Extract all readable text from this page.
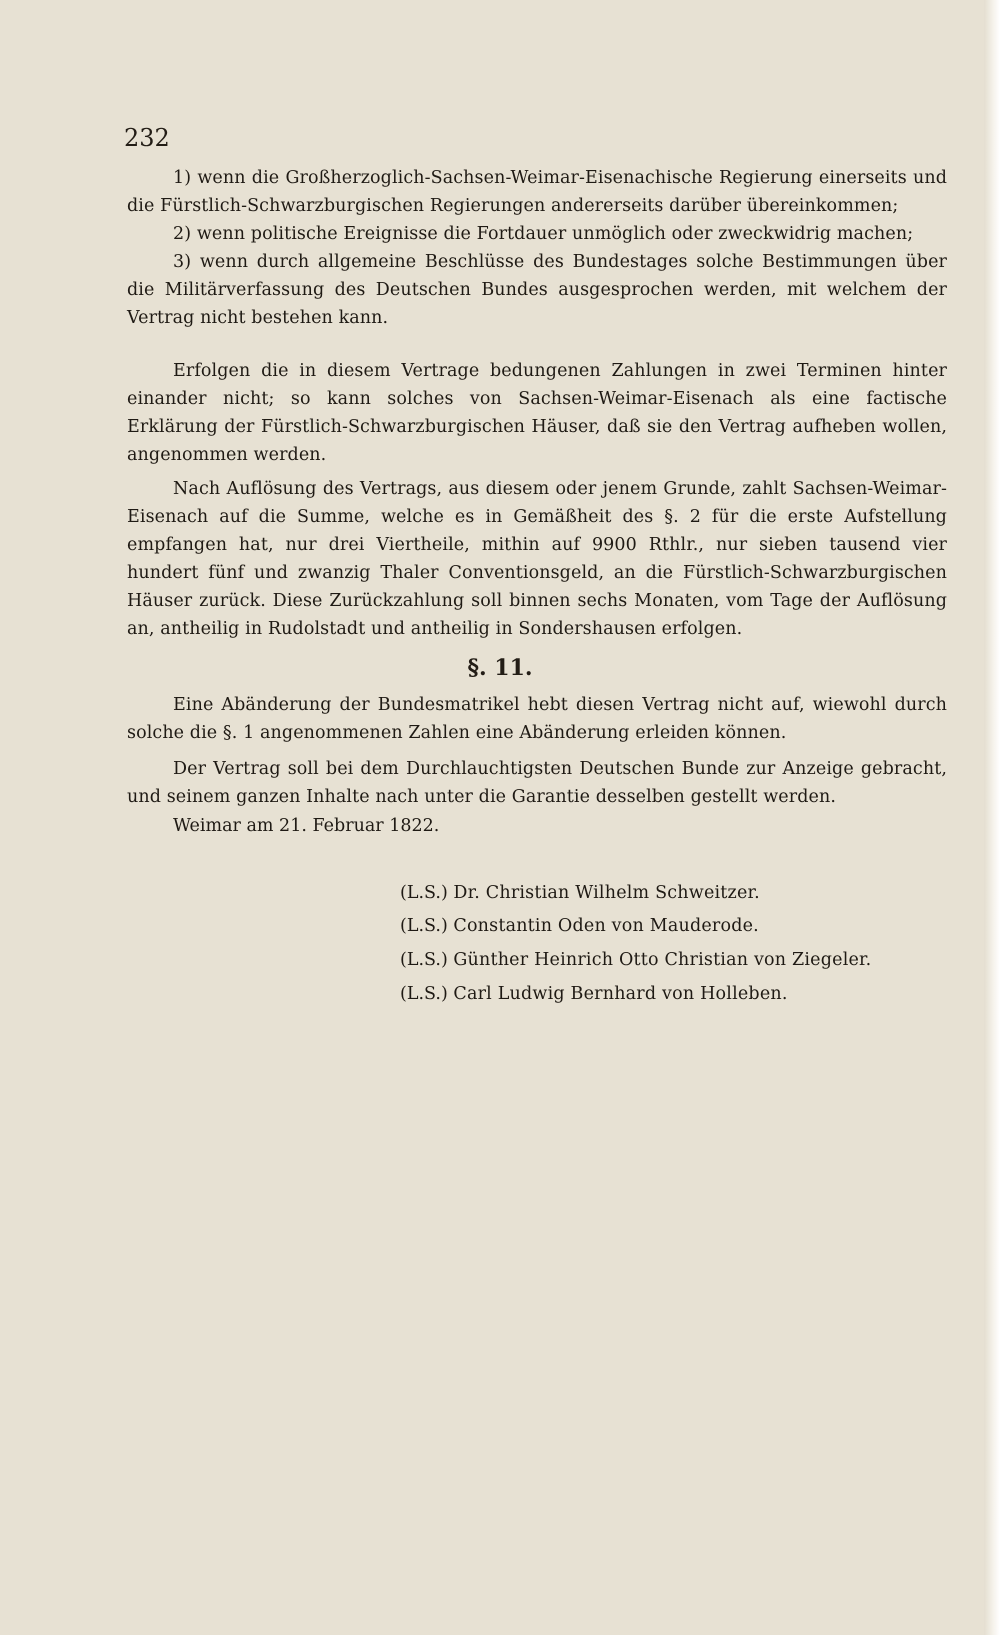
232

1) wenn die Großherzoglich-Sachsen-Weimar-Eisenachische Regierung einerseits und die Fürstlich-Schwarzburgischen Regierungen andererseits darüber übereinkommen;

2) wenn politische Ereignisse die Fortdauer unmöglich oder zweckwidrig machen;

3) wenn durch allgemeine Beschlüsse des Bundestages solche Bestimmungen über die Militärverfassung des Deutschen Bundes ausgesprochen werden, mit welchem der Vertrag nicht bestehen kann.

Erfolgen die in diesem Vertrage bedungenen Zahlungen in zwei Terminen hinter einander nicht; so kann solches von Sachsen-Weimar-Eisenach als eine factische Erklärung der Fürstlich-Schwarzburgischen Häuser, daß sie den Vertrag aufheben wollen, angenommen werden.

Nach Auflösung des Vertrags, aus diesem oder jenem Grunde, zahlt Sachsen-Weimar-Eisenach auf die Summe, welche es in Gemäßheit des §. 2 für die erste Aufstellung empfangen hat, nur drei Viertheile, mithin auf 9900 Rthlr., nur sieben tausend vier hundert fünf und zwanzig Thaler Conventionsgeld, an die Fürstlich-Schwarzburgischen Häuser zurück. Diese Zurückzahlung soll binnen sechs Monaten, vom Tage der Auflösung an, antheilig in Rudolstadt und antheilig in Sondershausen erfolgen.

§. 11.

Eine Abänderung der Bundesmatrikel hebt diesen Vertrag nicht auf, wiewohl durch solche die §. 1 angenommenen Zahlen eine Abänderung erleiden können.

Der Vertrag soll bei dem Durchlauchtigsten Deutschen Bunde zur Anzeige gebracht, und seinem ganzen Inhalte nach unter die Garantie desselben gestellt werden.

Weimar am 21. Februar 1822.
(L.S.) Dr. Christian Wilhelm Schweitzer.
(L.S.) Constantin Oden von Mauderode.
(L.S.) Günther Heinrich Otto Christian von Ziegeler.
(L.S.) Carl Ludwig Bernhard von Holleben.
